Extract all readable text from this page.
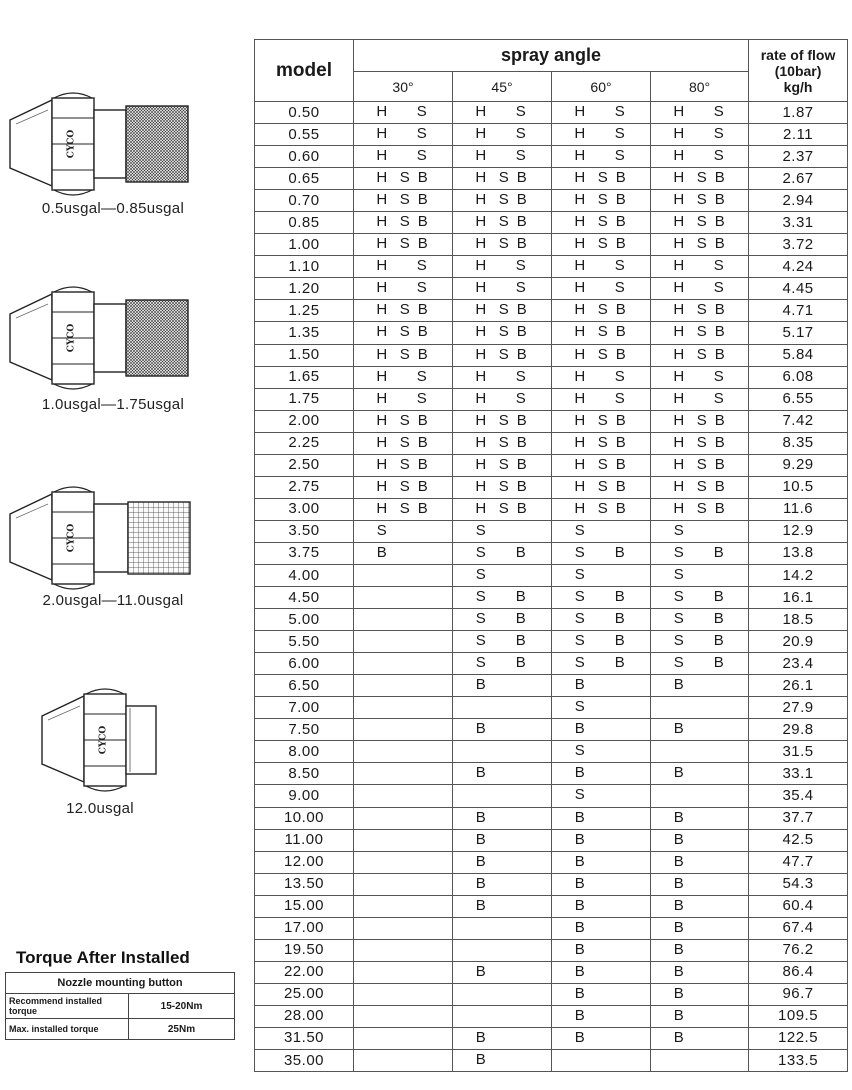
CYCO
0.5usgal—0.85usgal
CYCO
1.0usgal—1.75usgal
CYCO
2.0usgal—11.0usgal
CYCO
12.0usgal
Torque After Installed
Nozzle mounting button	
Recommend installed torque	15-20Nm
Max. installed torque	25Nm
model	spray angle				rate of flow
(10bar)
kg/h

	30°	45°	60°	80°	
0.50	H S	H S	H S	H S	1.87
0.55	H S	H S	H S	H S	2.11
0.60	H S	H S	H S	H S	2.37
0.65	H S B	H S B	H S B	H S B	2.67
0.70	H S B	H S B	H S B	H S B	2.94
0.85	H S B	H S B	H S B	H S B	3.31
1.00	H S B	H S B	H S B	H S B	3.72
1.10	H S	H S	H S	H S	4.24
1.20	H S	H S	H S	H S	4.45
1.25	H S B	H S B	H S B	H S B	4.71
1.35	H S B	H S B	H S B	H S B	5.17
1.50	H S B	H S B	H S B	H S B	5.84
1.65	H S	H S	H S	H S	6.08
1.75	H S	H S	H S	H S	6.55
2.00	H S B	H S B	H S B	H S B	7.42
2.25	H S B	H S B	H S B	H S B	8.35
2.50	H S B	H S B	H S B	H S B	9.29
2.75	H S B	H S B	H S B	H S B	10.5
3.00	H S B	H S B	H S B	H S B	11.6
3.50	S	S	S	S	12.9
3.75	B	S B	S B	S B	13.8
4.00		S	S	S	14.2
4.50		S B	S B	S B	16.1
5.00		S B	S B	S B	18.5
5.50		S B	S B	S B	20.9
6.00		S B	S B	S B	23.4
6.50		B	B	B	26.1
7.00			S		27.9
7.50		B	B	B	29.8
8.00			S		31.5
8.50		B	B	B	33.1
9.00			S		35.4
10.00		B	B	B	37.7
11.00		B	B	B	42.5
12.00		B	B	B	47.7
13.50		B	B	B	54.3
15.00		B	B	B	60.4
17.00			B	B	67.4
19.50			B	B	76.2
22.00		B	B	B	86.4
25.00			B	B	96.7
28.00			B	B	109.5
31.50		B	B	B	122.5
35.00		B			133.5
